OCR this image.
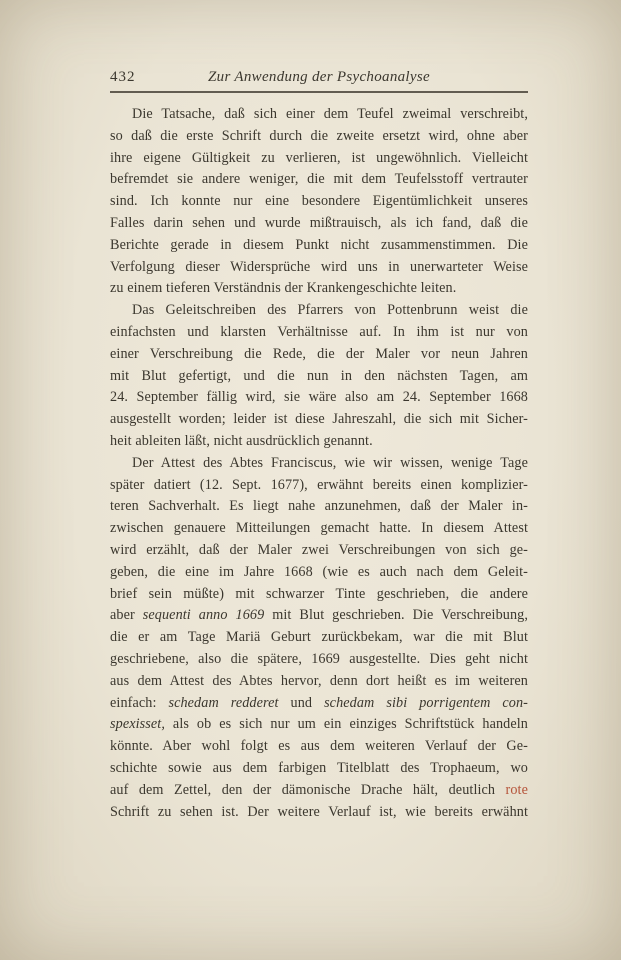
432	Zur Anwendung der Psychoanalyse
Die Tatsache, daß sich einer dem Teufel zweimal verschreibt,
so daß die erste Schrift durch die zweite ersetzt wird, ohne aber
ihre eigene Gültigkeit zu verlieren, ist ungewöhnlich. Vielleicht
befremdet sie andere weniger, die mit dem Teufelsstoff vertrauter
sind. Ich konnte nur eine besondere Eigentümlichkeit unseres
Falles darin sehen und wurde mißtrauisch, als ich fand, daß die
Berichte gerade in diesem Punkt nicht zusammenstimmen. Die
Verfolgung dieser Widersprüche wird uns in unerwarteter Weise
zu einem tieferen Verständnis der Krankengeschichte leiten.
Das Geleitschreiben des Pfarrers von Pottenbrunn weist die
einfachsten und klarsten Verhältnisse auf. In ihm ist nur von
einer Verschreibung die Rede, die der Maler vor neun Jahren
mit Blut gefertigt, und die nun in den nächsten Tagen, am
24. September fällig wird, sie wäre also am 24. September 1668
ausgestellt worden; leider ist diese Jahreszahl, die sich mit Sicher-
heit ableiten läßt, nicht ausdrücklich genannt.
Der Attest des Abtes Franciscus, wie wir wissen, wenige Tage
später datiert (12. Sept. 1677), erwähnt bereits einen komplizier-
teren Sachverhalt. Es liegt nahe anzunehmen, daß der Maler in-
zwischen genauere Mitteilungen gemacht hatte. In diesem Attest
wird erzählt, daß der Maler zwei Verschreibungen von sich ge-
geben, die eine im Jahre 1668 (wie es auch nach dem Geleit-
brief sein müßte) mit schwarzer Tinte geschrieben, die andere
aber sequenti anno 1669 mit Blut geschrieben. Die Verschreibung,
die er am Tage Mariä Geburt zurückbekam, war die mit Blut
geschriebene, also die spätere, 1669 ausgestellte. Dies geht nicht
aus dem Attest des Abtes hervor, denn dort heißt es im weiteren
einfach: schedam redderet und schedam sibi porrigentem con-
spexisset, als ob es sich nur um ein einziges Schriftstück handeln
könnte. Aber wohl folgt es aus dem weiteren Verlauf der Ge-
schichte sowie aus dem farbigen Titelblatt des Trophaeum, wo
auf dem Zettel, den der dämonische Drache hält, deutlich rote
Schrift zu sehen ist. Der weitere Verlauf ist, wie bereits erwähnt
